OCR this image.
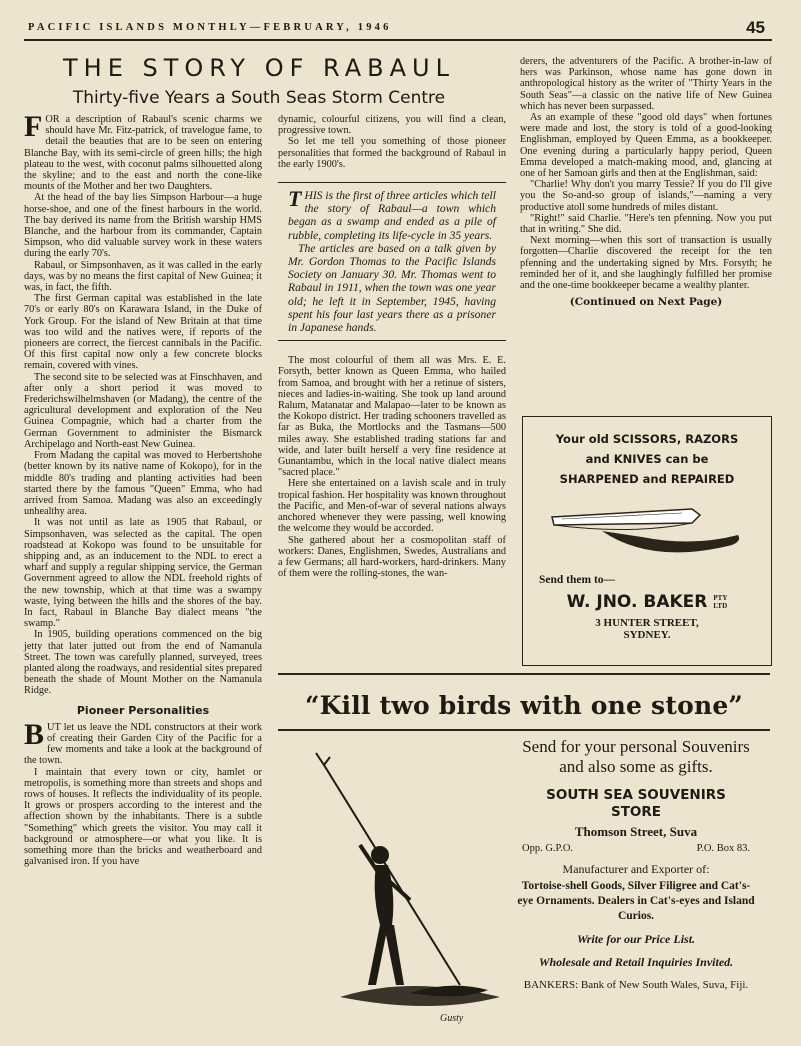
PACIFIC ISLANDS MONTHLY—FEBRUARY, 1946	45
THE STORY OF RABAUL
Thirty-five Years a South Seas Storm Centre

FOR a description of Rabaul's scenic charms we should have Mr. Fitz-patrick, of travelogue fame, to detail the beauties that are to be seen on entering Blanche Bay, with its semi-circle of green hills; the high plateau to the west, with coconut palms silhouetted along the skyline; and to the east and north the cone-like mounts of the Mother and her two Daughters.

At the head of the bay lies Simpson Harbour—a huge horse-shoe, and one of the finest harbours in the world. The bay derived its name from the British warship HMS Blanche, and the harbour from its commander, Captain Simpson, who did valuable survey work in these waters during the early 70's.

Rabaul, or Simpsonhaven, as it was called in the early days, was by no means the first capital of New Guinea; it was, in fact, the fifth.

The first German capital was established in the late 70's or early 80's on Karawara Island, in the Duke of York Group. For the island of New Britain at that time was too wild and the natives were, if reports of the pioneers are correct, the fiercest cannibals in the Pacific. Of this first capital now only a few concrete blocks remain, covered with vines.

The second site to be selected was at Finschhaven, and after only a short period it was moved to Frederichswilhelmshaven (or Madang), the centre of the agricultural development and exploration of the Neu Guinea Compagnie, which had a charter from the German Government to administer the Bismarck Archipelago and North-east New Guinea.

From Madang the capital was moved to Herbertshohe (better known by its native name of Kokopo), for in the middle 80's trading and planting activities had been started there by the famous "Queen" Emma, who had arrived from Samoa. Madang was also an exceedingly unhealthy area.

It was not until as late as 1905 that Rabaul, or Simpsonhaven, was selected as the capital. The open roadstead at Kokopo was found to be unsuitable for shipping and, as an inducement to the NDL to erect a wharf and supply a regular shipping service, the German Government agreed to allow the NDL freehold rights of the new township, which at that time was a swampy waste, lying between the hills and the shores of the bay. In fact, Rabaul in Blanche Bay dialect means "the swamp."

In 1905, building operations commenced on the big jetty that later jutted out from the end of Namanula Street. The town was carefully planned, surveyed, trees planted along the roadways, and residential sites prepared beneath the shade of Mount Mother on the Namanula Ridge.

Pioneer Personalities

BUT let us leave the NDL constructors at their work of creating their Garden City of the Pacific for a few moments and take a look at the background of the town.

I maintain that every town or city, hamlet or metropolis, is something more than streets and shops and rows of houses. It reflects the individuality of its people. It grows or prospers according to the interest and the affection shown by the inhabitants. There is a subtle "Something" which greets the visitor. You may call it background or atmosphere—or what you like. It is something more than the bricks and weatherboard and galvanised iron. If you have

dynamic, colourful citizens, you will find a clean, progressive town.

So let me tell you something of those pioneer personalities that formed the background of Rabaul in the early 1900's.

THIS is the first of three articles which tell the story of Rabaul—a town which began as a swamp and ended as a pile of rubble, completing its life-cycle in 35 years.

The articles are based on a talk given by Mr. Gordon Thomas to the Pacific Islands Society on January 30. Mr. Thomas went to Rabaul in 1911, when the town was one year old; he left it in September, 1945, having spent his four last years there as a prisoner in Japanese hands.

The most colourful of them all was Mrs. E. E. Forsyth, better known as Queen Emma, who hailed from Samoa, and brought with her a retinue of sisters, nieces and ladies-in-waiting. She took up land around Ralum, Matanatar and Malapao—later to be known as the Kokopo district. Her trading schooners travelled as far as Buka, the Mortlocks and the Tasmans—500 miles away. She established trading stations far and wide, and later built herself a very fine residence at Gunantambu, which in the local native dialect means "sacred place."

Here she entertained on a lavish scale and in truly tropical fashion. Her hospitality was known throughout the Pacific, and Men-of-war of several nations always anchored whenever they were passing, well knowing the welcome they would be accorded.

She gathered about her a cosmopolitan staff of workers: Danes, Englishmen, Swedes, Australians and a few Germans; all hard-workers, hard-drinkers. Many of them were the rolling-stones, the wan-

derers, the adventurers of the Pacific. A brother-in-law of hers was Parkinson, whose name has gone down in anthropological history as the writer of "Thirty Years in the South Seas"—a classic on the native life of New Guinea which has never been surpassed.

As an example of these "good old days" when fortunes were made and lost, the story is told of a good-looking Englishman, employed by Queen Emma, as a bookkeeper. One evening during a particularly happy period, Queen Emma developed a match-making mood, and, glancing at one of her Samoan girls and then at the Englishman, said:

"Charlie! Why don't you marry Tessie? If you do I'll give you the So-and-so group of islands,"—naming a very productive atoll some hundreds of miles distant.

"Right!" said Charlie. "Here's ten pfenning. Now you put that in writing." She did.

Next morning—when this sort of transaction is usually forgotten—Charlie discovered the receipt for the ten pfenning and the undertaking signed by Mrs. Forsyth; he reminded her of it, and she laughingly fulfilled her promise and the one-time bookkeeper became a wealthy planter.

(Continued on Next Page)
Your old SCISSORS, RAZORS
and KNIVES can be
SHARPENED and REPAIRED
Send them to—
W. JNO. BAKER PTY
LTD
3 HUNTER STREET,
SYDNEY.
“Kill two birds with one stone”
Gusty
Send for your personal Souvenirs and also some as gifts.
SOUTH SEA SOUVENIRS
STORE
Thomson Street, Suva
Opp. G.P.O.	P.O. Box 83.
Manufacturer and Exporter of:
Tortoise-shell Goods, Silver Filigree and Cat's-eye Ornaments. Dealers in Cat's-eyes and Island Curios.
Write for our Price List.
Wholesale and Retail Inquiries Invited.
BANKERS: Bank of New South Wales, Suva, Fiji.
